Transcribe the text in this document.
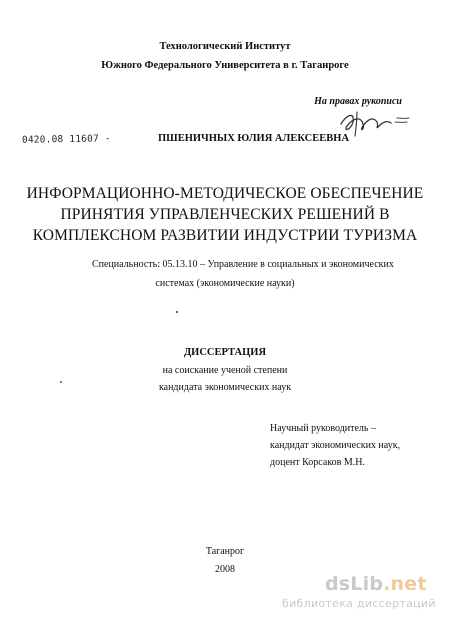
Технологический Институт
Южного Федерального Университета в г. Таганроге
На правах рукописи
0420.08 11607 -	ПШЕНИЧНЫХ ЮЛИЯ АЛЕКСЕЕВНА
ИНФОРМАЦИОННО-МЕТОДИЧЕСКОЕ ОБЕСПЕЧЕНИЕ
ПРИНЯТИЯ УПРАВЛЕНЧЕСКИХ РЕШЕНИЙ В
КОМПЛЕКСНОМ РАЗВИТИИ ИНДУСТРИИ ТУРИЗМА
Специальность: 05.13.10 – Управление в социальных и экономических
системах (экономические науки)
ДИССЕРТАЦИЯ
на соискание ученой степени
кандидата экономических наук
Научный руководитель –
кандидат экономических наук,
доцент Корсаков М.Н.
Таганрог
2008
dsLib.net
библиотека диссертаций
